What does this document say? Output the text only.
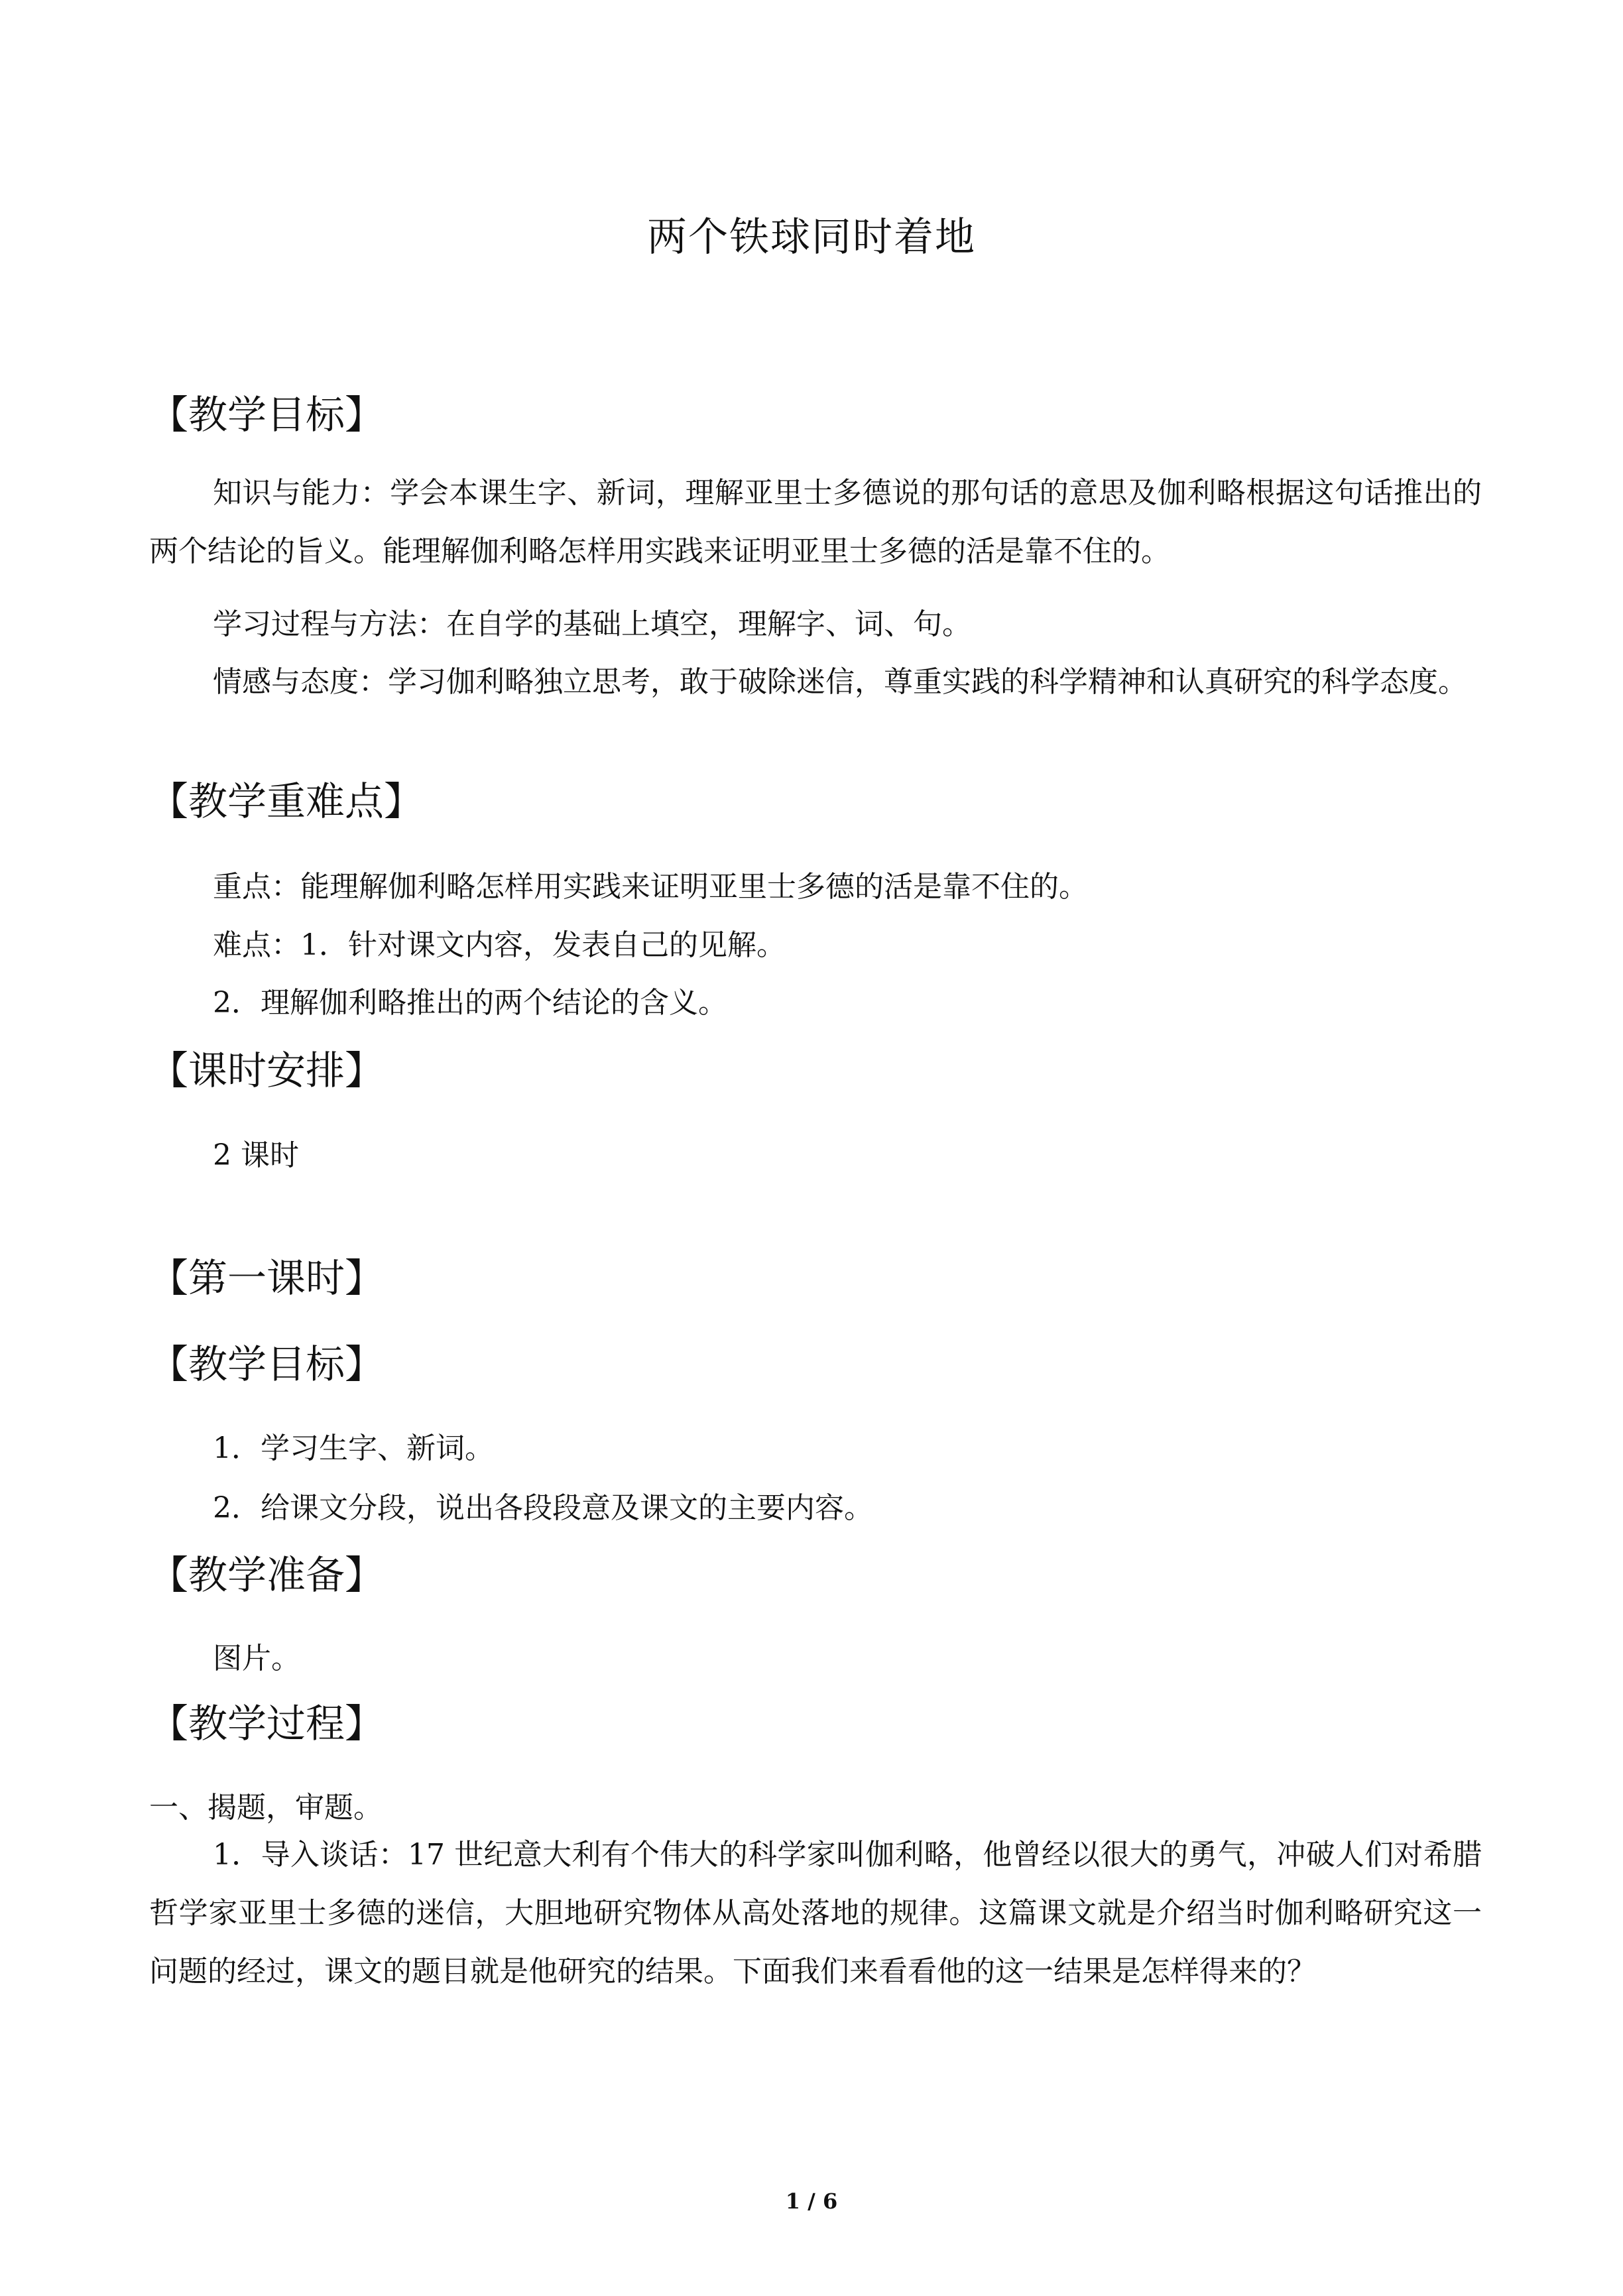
两个铁球同时着地
【教学目标】
知识与能力：学会本课生字、新词，理解亚里士多德说的那句话的意思及伽利略根据这句话推出的两个结论的旨义。能理解伽利略怎样用实践来证明亚里士多德的活是靠不住的。
学习过程与方法：在自学的基础上填空，理解字、词、句。
情感与态度：学习伽利略独立思考，敢于破除迷信，尊重实践的科学精神和认真研究的科学态度。
【教学重难点】
重点：能理解伽利略怎样用实践来证明亚里士多德的活是靠不住的。
难点：1．针对课文内容，发表自己的见解。
2．理解伽利略推出的两个结论的含义。
【课时安排】
2 课时
【第一课时】
【教学目标】
1．学习生字、新词。
2．给课文分段，说出各段段意及课文的主要内容。
【教学准备】
图片。
【教学过程】
一、揭题，审题。
1．导入谈话：17 世纪意大利有个伟大的科学家叫伽利略，他曾经以很大的勇气，冲破人们对希腊哲学家亚里士多德的迷信，大胆地研究物体从高处落地的规律。这篇课文就是介绍当时伽利略研究这一问题的经过，课文的题目就是他研究的结果。下面我们来看看他的这一结果是怎样得来的？
1 / 6
